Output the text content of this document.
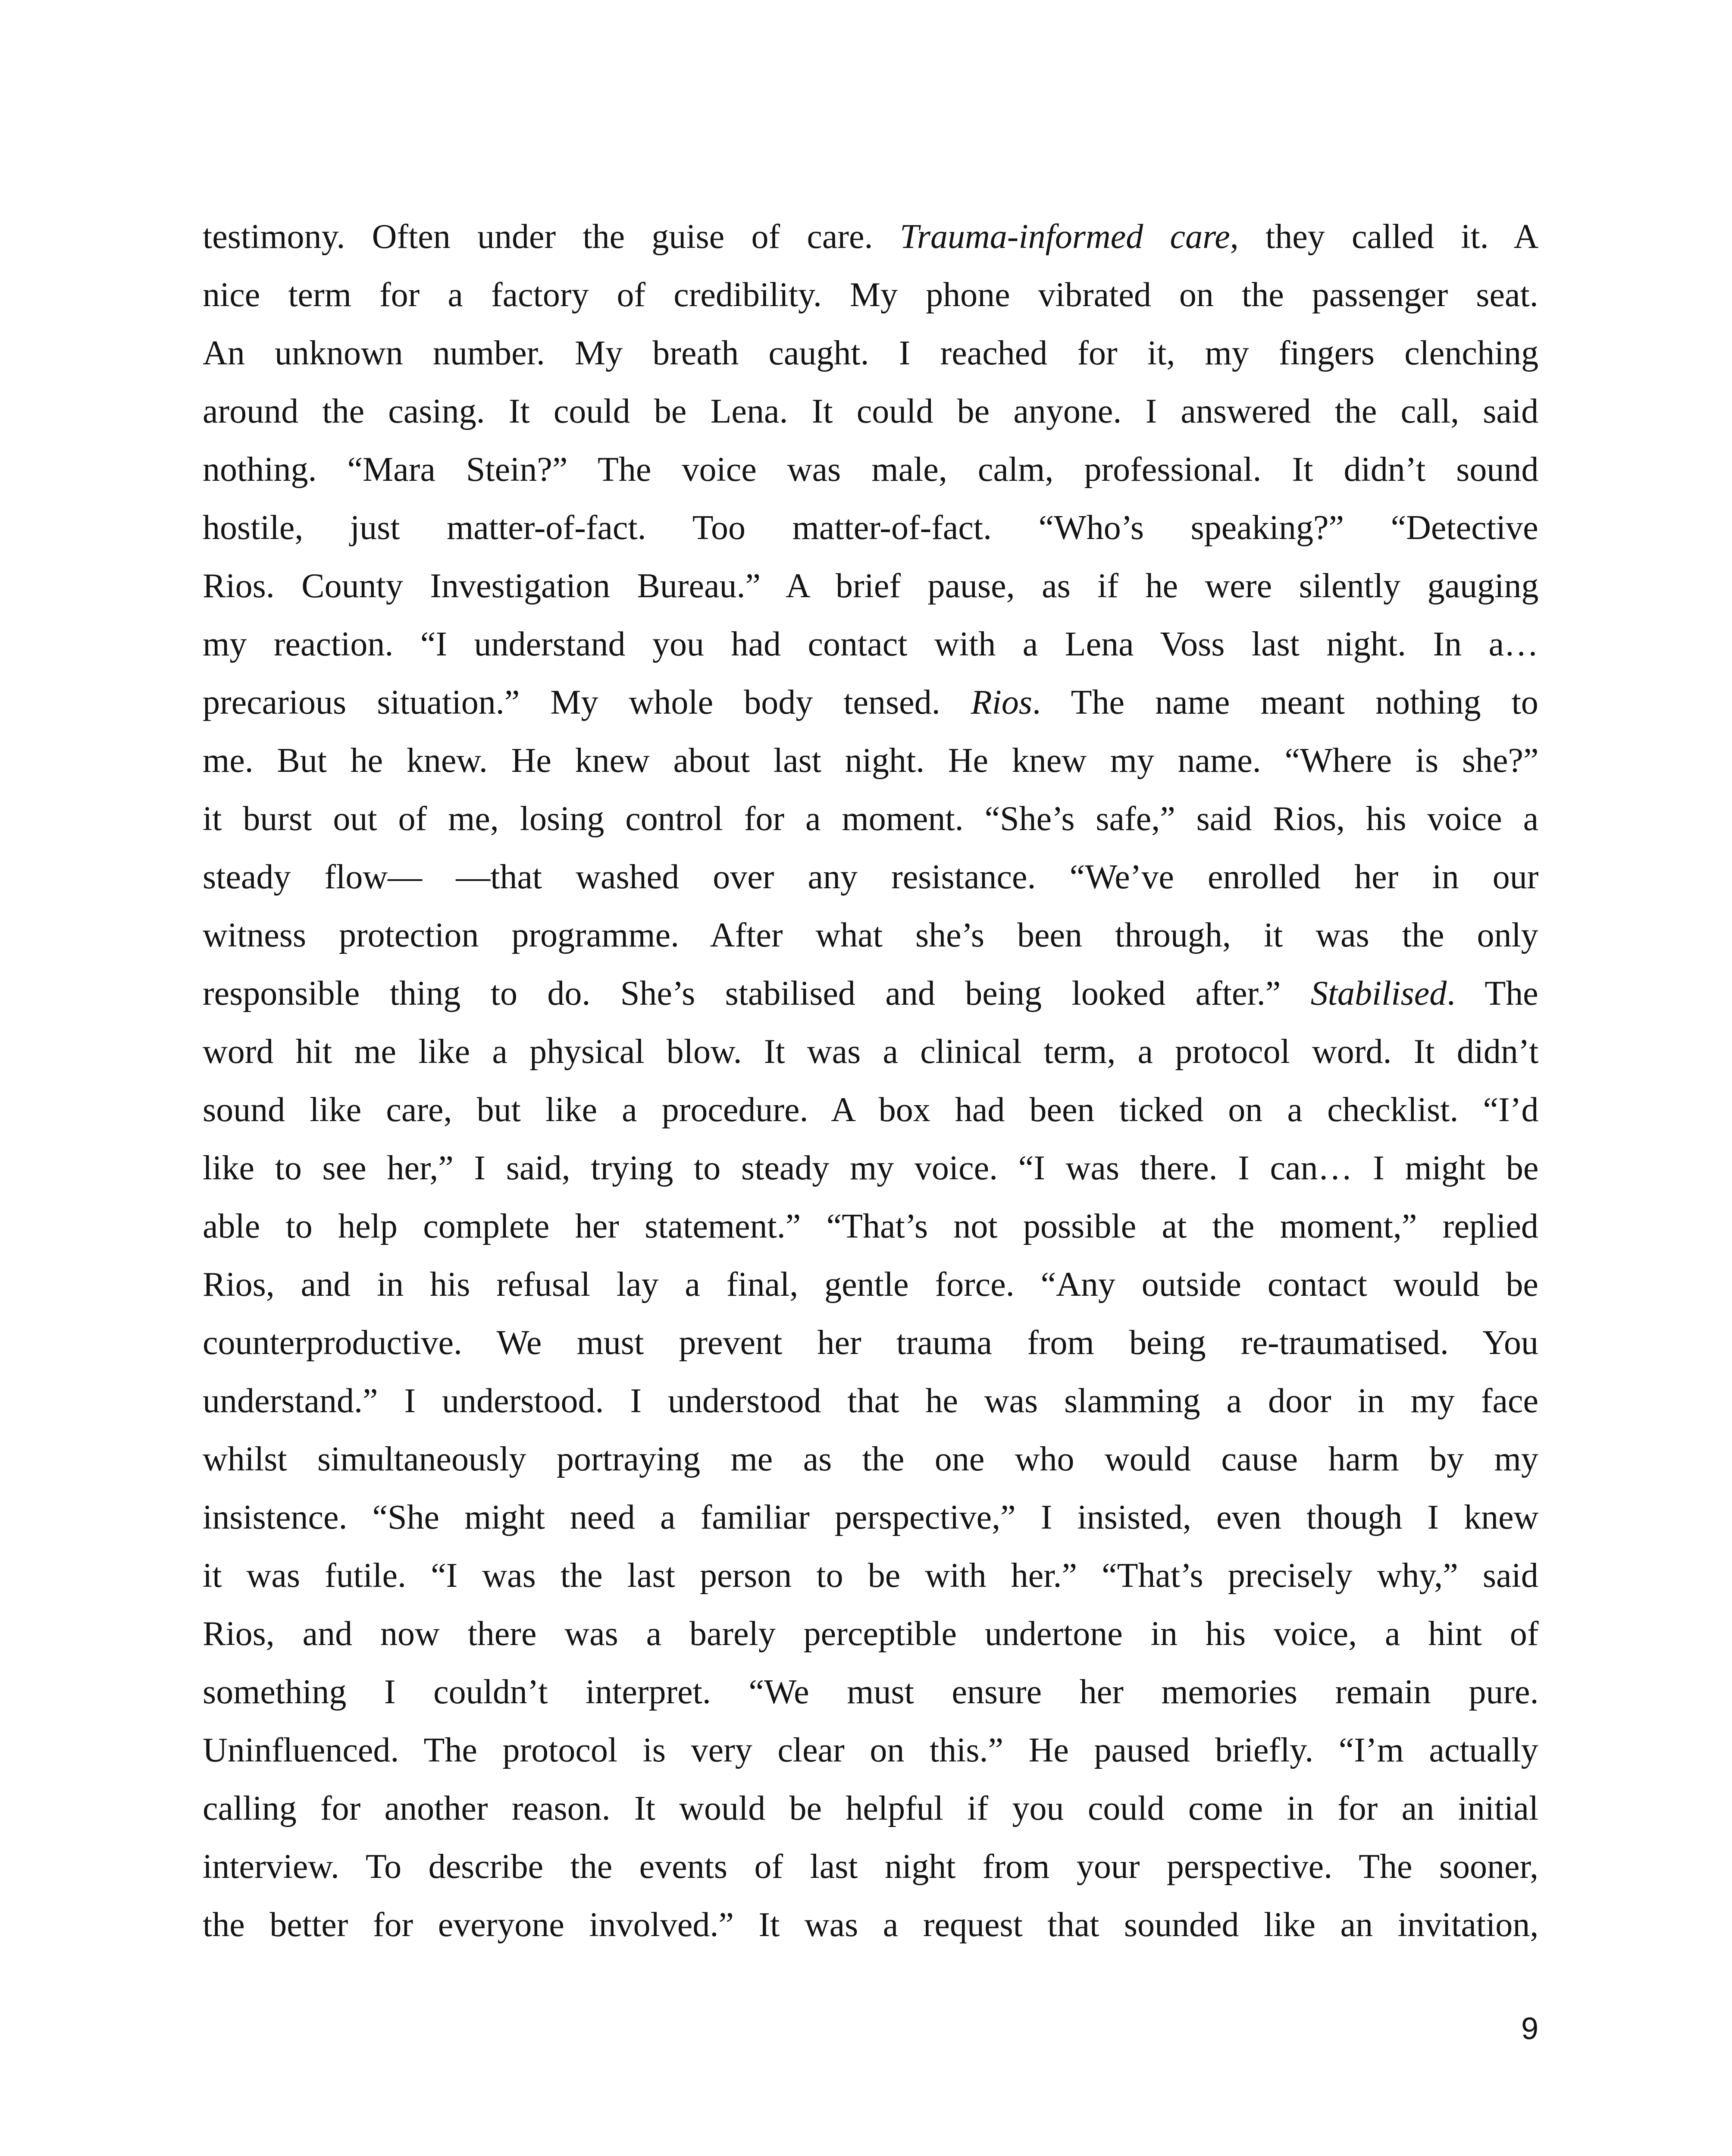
testimony. Often under the guise of care. Trauma-informed care, they called it. A
nice term for a factory of credibility. My phone vibrated on the passenger seat.
An unknown number. My breath caught. I reached for it, my fingers clenching
around the casing. It could be Lena. It could be anyone. I answered the call, said
nothing. “Mara Stein?” The voice was male, calm, professional. It didn’t sound
hostile, just matter-of-fact. Too matter-of-fact. “Who’s speaking?” “Detective
Rios. County Investigation Bureau.” A brief pause, as if he were silently gauging
my reaction. “I understand you had contact with a Lena Voss last night. In a…
precarious situation.” My whole body tensed. Rios. The name meant nothing to
me. But he knew. He knew about last night. He knew my name. “Where is she?”
it burst out of me, losing control for a moment. “She’s safe,” said Rios, his voice a
steady flow— —that washed over any resistance. “We’ve enrolled her in our
witness protection programme. After what she’s been through, it was the only
responsible thing to do. She’s stabilised and being looked after.” Stabilised. The
word hit me like a physical blow. It was a clinical term, a protocol word. It didn’t
sound like care, but like a procedure. A box had been ticked on a checklist. “I’d
like to see her,” I said, trying to steady my voice. “I was there. I can… I might be
able to help complete her statement.” “That’s not possible at the moment,” replied
Rios, and in his refusal lay a final, gentle force. “Any outside contact would be
counterproductive. We must prevent her trauma from being re-traumatised. You
understand.” I understood. I understood that he was slamming a door in my face
whilst simultaneously portraying me as the one who would cause harm by my
insistence. “She might need a familiar perspective,” I insisted, even though I knew
it was futile. “I was the last person to be with her.” “That’s precisely why,” said
Rios, and now there was a barely perceptible undertone in his voice, a hint of
something I couldn’t interpret. “We must ensure her memories remain pure.
Uninfluenced. The protocol is very clear on this.” He paused briefly. “I’m actually
calling for another reason. It would be helpful if you could come in for an initial
interview. To describe the events of last night from your perspective. The sooner,
the better for everyone involved.” It was a request that sounded like an invitation,
9
